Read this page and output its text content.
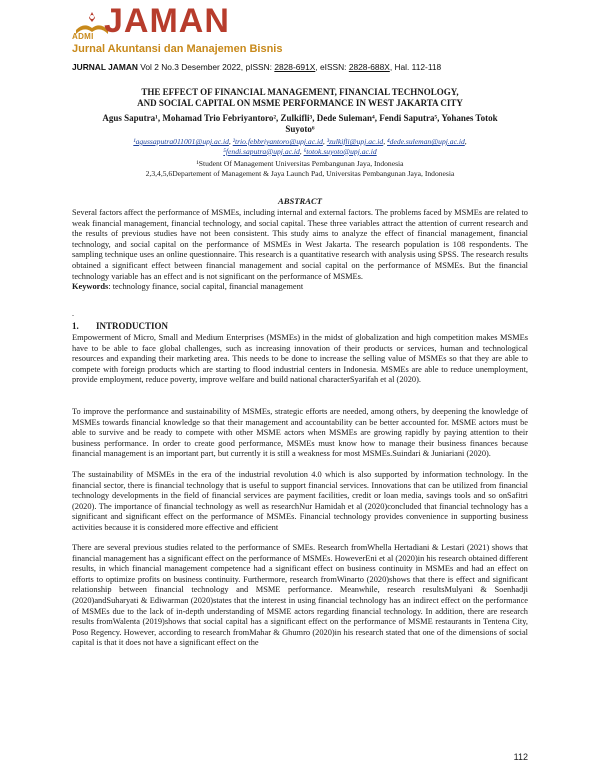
ADMI JAMAN
Jurnal Akuntansi dan Manajemen Bisnis
JURNAL JAMAN Vol 2 No.3 Desember 2022, pISSN: 2828-691X, eISSN: 2828-688X, Hal. 112-118
THE EFFECT OF FINANCIAL MANAGEMENT, FINANCIAL TECHNOLOGY,
AND SOCIAL CAPITAL ON MSME PERFORMANCE IN WEST JAKARTA CITY
Agus Saputra¹, Mohamad Trio Febriyantoro², Zulkifli³, Dede Suleman⁴, Fendi Saputra⁵, Yohanes Totok
Suyoto⁶
¹agussaputra011001@upj.ac.id, ²trio.febbriyantoro@upj.ac.id, ³zulkifli@upj.ac.id, ⁴dede.suleman@upj.ac.id,
⁵fendi.saputra@upj.ac.id, ⁶totok.suyoto@upj.ac.id
¹Student Of Management Universitas Pembangunan Jaya, Indonesia
2,3,4,5,6Departement of Management & Jaya Launch Pad, Universitas Pembangunan Jaya, Indonesia
ABSTRACT

Several factors affect the performance of MSMEs, including internal and external factors. The problems faced by MSMEs are related to weak financial management, financial technology, and social capital. These three variables attract the attention of current research and the results of previous studies have not been consistent. This study aims to analyze the effect of financial management, financial technology, and social capital on the performance of MSMEs in West Jakarta. The research population is 108 respondents. The sampling technique uses an online questionnaire. This research is a quantitative research with analysis using SPSS. The research results obtained a significant effect between financial management and social capital on the performance of MSMEs. But the financial technology variable has an effect and is not significant on the performance of MSMEs.

Keywords: technology finance, social capital, financial management

.
1. INTRODUCTION
Empowerment of Micro, Small and Medium Enterprises (MSMEs) in the midst of globalization and high competition makes MSMEs have to be able to face global challenges, such as increasing innovation of their products or services, human and technological resources and expanding their marketing area. This needs to be done to increase the selling value of MSMEs so that they are able to compete with foreign products which are starting to flood industrial centers in Indonesia. MSMEs are able to reduce unemployment, provide employment, reduce poverty, improve welfare and build national characterSyarifah et al (2020).
To improve the performance and sustainability of MSMEs, strategic efforts are needed, among others, by deepening the knowledge of MSMEs towards financial knowledge so that their management and accountability can be better accounted for. MSME actors must be able to survive and be ready to compete with other MSME actors when MSMEs are growing rapidly by paying attention to their business performance. In order to create good performance, MSMEs must know how to manage their business finances because financial management is an important part, but currently it is still a weakness for most MSMEs.Suindari & Juniariani (2020).
The sustainability of MSMEs in the era of the industrial revolution 4.0 which is also supported by information technology. In the financial sector, there is financial technology that is useful to support financial services. Innovations that can be utilized from financial technology developments in the field of financial services are payment facilities, credit or loan media, savings tools and so onSafitri (2020). The importance of financial technology as well as researchNur Hamidah et al (2020)concluded that financial technology has a significant and significant effect on the performance of MSMEs. Financial technology provides convenience in supporting business activities because it is considered more effective and efficient
There are several previous studies related to the performance of SMEs. Research fromWhella Hertadiani & Lestari (2021) shows that financial management has a significant effect on the performance of MSMEs. HoweverEni et al (2020)in his research obtained different results, in which financial management competence had a significant effect on business continuity in MSMEs and had an effect on efforts to optimize profits on business continuity. Furthermore, research fromWinarto (2020)shows that there is effect and significant relationship between financial technology and MSME performance. Meanwhile, research resultsMulyani & Soenhadji (2020)andSuharyati & Ediwarman (2020)states that the interest in using financial technology has an indirect effect on the performance of MSMEs due to the lack of in-depth understanding of MSME actors regarding financial technology. In addition, there are research results fromWalenta (2019)shows that social capital has a significant effect on the performance of MSME restaurants in Tentena City, Poso Regency. However, according to research fromMahar & Ghumro (2020)in his research stated that one of the dimensions of social capital is that it does not have a significant effect on the
112
